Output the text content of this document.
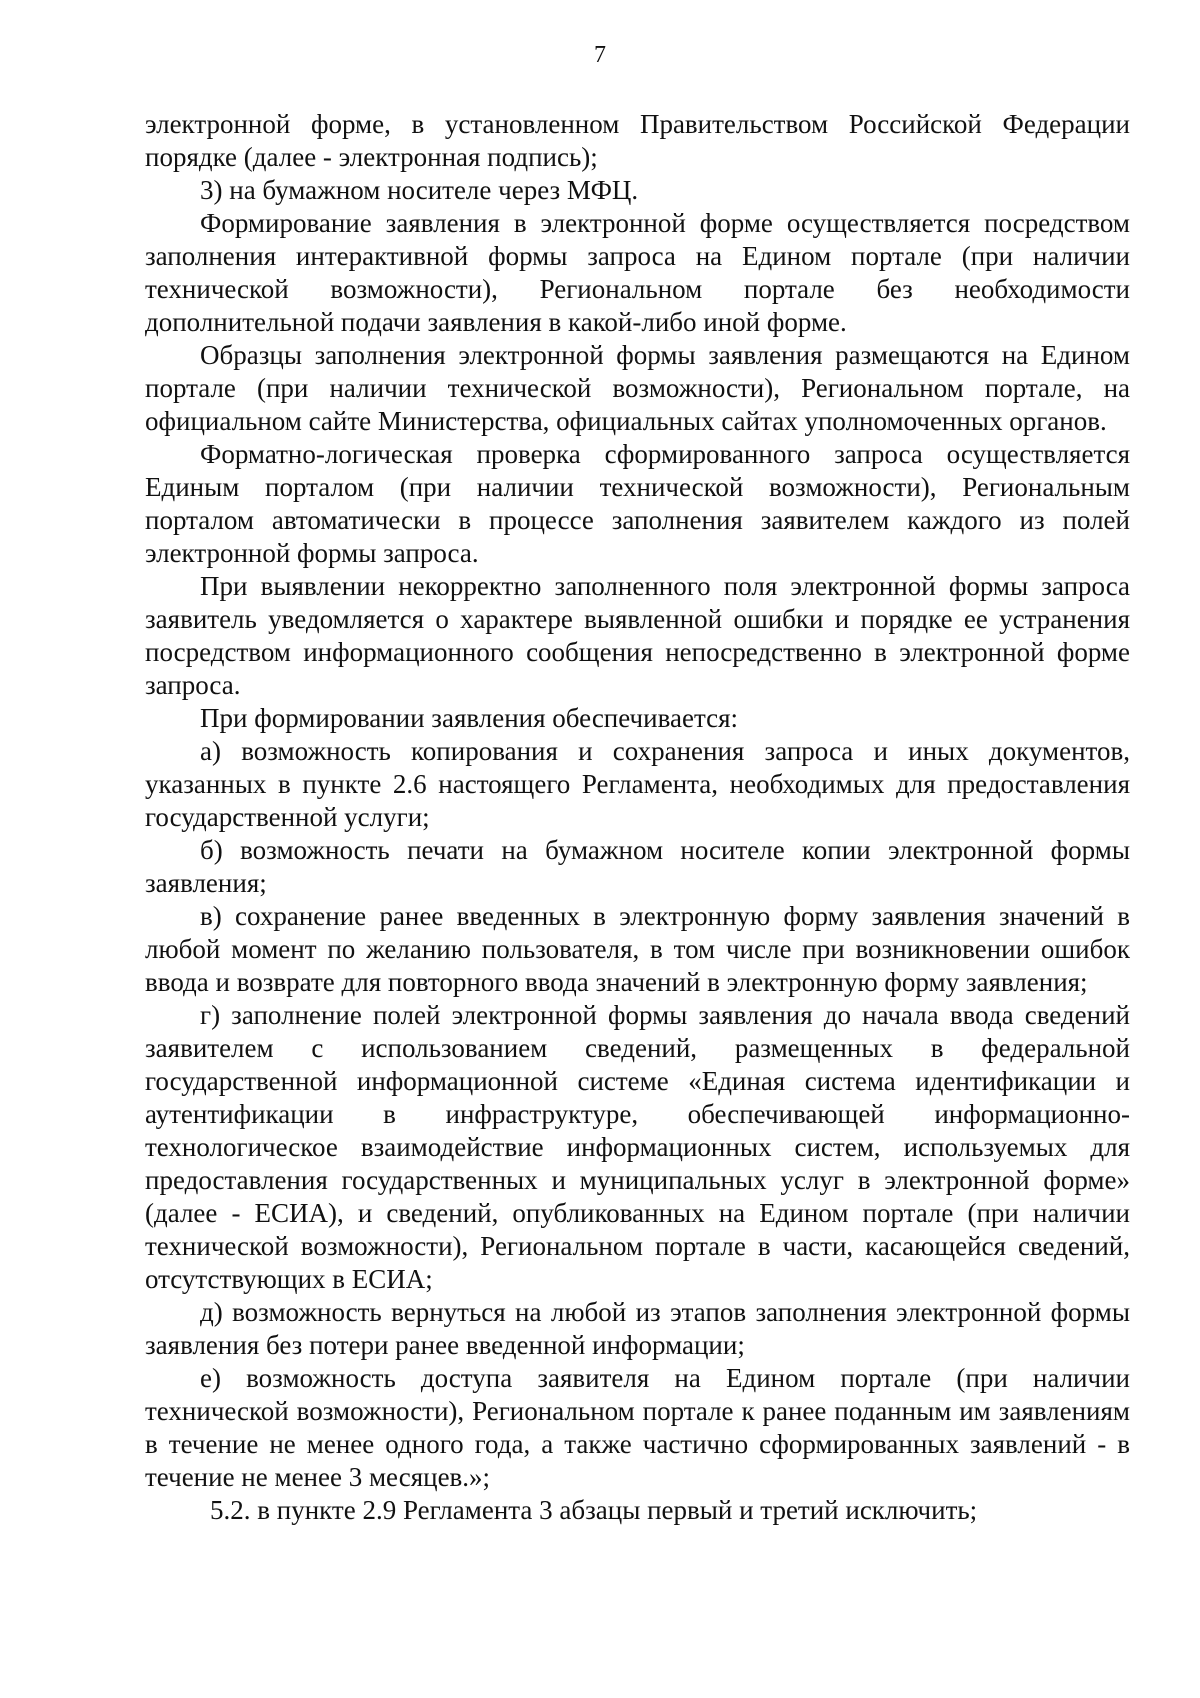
7

электронной форме, в установленном Правительством Российской Федерации порядке (далее - электронная подпись);

3) на бумажном носителе через МФЦ.

Формирование заявления в электронной форме осуществляется посредством заполнения интерактивной формы запроса на Едином портале (при наличии технической возможности), Региональном портале без необходимости дополнительной подачи заявления в какой-либо иной форме.

Образцы заполнения электронной формы заявления размещаются на Едином портале (при наличии технической возможности), Региональном портале, на официальном сайте Министерства, официальных сайтах уполномоченных органов.

Форматно-логическая проверка сформированного запроса осуществляется Единым порталом (при наличии технической возможности), Региональным порталом автоматически в процессе заполнения заявителем каждого из полей электронной формы запроса.

При выявлении некорректно заполненного поля электронной формы запроса заявитель уведомляется о характере выявленной ошибки и порядке ее устранения посредством информационного сообщения непосредственно в электронной форме запроса.

При формировании заявления обеспечивается:

а) возможность копирования и сохранения запроса и иных документов, указанных в пункте 2.6 настоящего Регламента, необходимых для предоставления государственной услуги;

б) возможность печати на бумажном носителе копии электронной формы заявления;

в) сохранение ранее введенных в электронную форму заявления значений в любой момент по желанию пользователя, в том числе при возникновении ошибок ввода и возврате для повторного ввода значений в электронную форму заявления;

г) заполнение полей электронной формы заявления до начала ввода сведений заявителем с использованием сведений, размещенных в федеральной государственной информационной системе «Единая система идентификации и аутентификации в инфраструктуре, обеспечивающей информационно-технологическое взаимодействие информационных систем, используемых для предоставления государственных и муниципальных услуг в электронной форме» (далее - ЕСИА), и сведений, опубликованных на Едином портале (при наличии технической возможности), Региональном портале в части, касающейся сведений, отсутствующих в ЕСИА;

д) возможность вернуться на любой из этапов заполнения электронной формы заявления без потери ранее введенной информации;

е) возможность доступа заявителя на Едином портале (при наличии технической возможности), Региональном портале к ранее поданным им заявлениям в течение не менее одного года, а также частично сформированных заявлений - в течение не менее 3 месяцев.»;

5.2. в пункте 2.9 Регламента 3 абзацы первый и третий исключить;
